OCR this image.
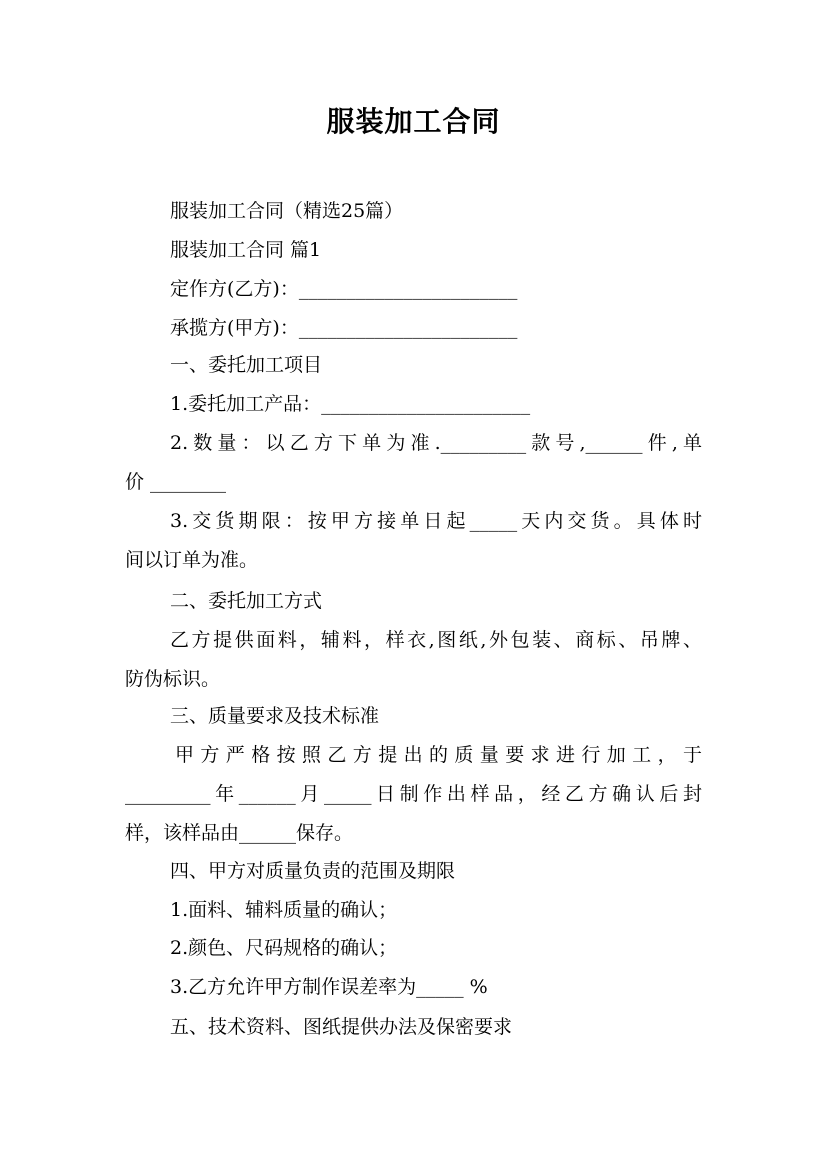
服装加工合同
服装加工合同（精选25篇）
服装加工合同 篇1
定作方(乙方)：_______________________
承揽方(甲方)：_______________________
一、委托加工项目
1.委托加工产品：______________________
2.数量：以乙方下单为准._________款号,______件,单
价 ________
3.交货期限：按甲方接单日起_____天内交货。具体时
间以订单为准。
二、委托加工方式
乙方提供面料，辅料，样衣,图纸,外包装、商标、吊牌、
防伪标识。
三、质量要求及技术标准
甲方严格按照乙方提出的质量要求进行加工，于
_________年______月_____日制作出样品，经乙方确认后封
样，该样品由______保存。
四、甲方对质量负责的范围及期限
1.面料、辅料质量的确认；
2.颜色、尺码规格的确认；
3.乙方允许甲方制作误差率为_____ %
五、技术资料、图纸提供办法及保密要求
